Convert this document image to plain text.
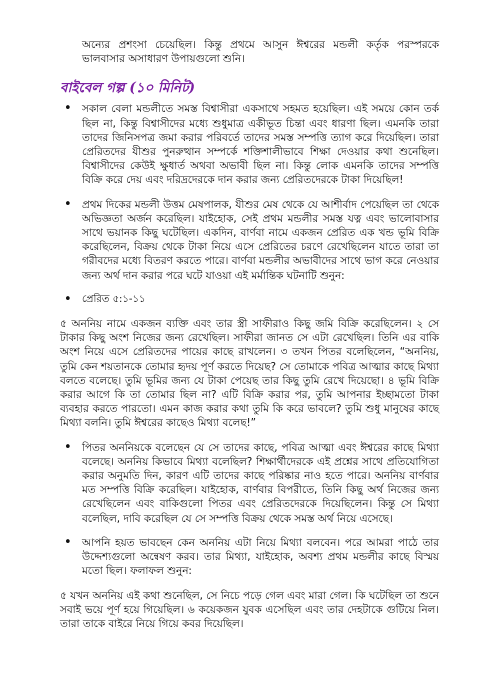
অন্যের প্রশংসা চেয়েছিল। কিন্তু প্রথমে আসুন ঈশ্বরের মন্ডলী কর্তৃক পরস্পরকে ভালবাসার অসাধারণ উপায়গুলো শুনি।

বাইবেল গল্প (১০ মিনিট)

• সকাল বেলা মন্ডলীতে সমস্ত বিশ্বাসীরা একসাথে সহমত হয়েছিল। এই সময়ে কোন তর্ক ছিল না, কিন্তু বিশ্বাসীদের মধ্যে শুধুমাত্র একীভূত চিন্তা এবং ধারণা ছিল। এমনকি তারা তাদের জিনিসপত্র জমা করার পরিবর্তে তাদের সমস্ত সম্পত্তি ত্যাগ করে দিয়েছিল। তারা প্রেরিতদের যীশুর পুনরুত্থান সম্পর্কে শক্তিশালীভাবে শিক্ষা দেওয়ার কথা শুনেছিল। বিশ্বাসীদের কেউই ক্ষুধার্ত অথবা অভাবী ছিল না। কিন্তু লোক এমনকি তাদের সম্পত্তি বিক্রি করে দেয় এবং দরিদ্রদেরকে দান করার জন্য প্রেরিতদেরকে টাকা দিয়েছিল!

• প্রথম দিকের মন্ডলী উত্তম মেষপালক, যীশুর মেষ থেকে যে আশীর্বাদ পেয়েছিল তা থেকে অভিজ্ঞতা অর্জন করেছিল। যাইহোক, সেই প্রথম মন্ডলীর সমস্ত যত্ন এবং ভালোবাসার সাথে ভয়ানক কিছু ঘটেছিল। একদিন, বার্ণবা নামে একজন প্রেরিত এক খন্ড ভূমি বিক্রি করেছিলেন, বিক্রয় থেকে টাকা নিয়ে এসে প্রেরিতের চরণে রেখেছিলেন যাতে তারা তা গরীবদের মধ্যে বিতরণ করতে পারে। বার্ণবা মন্ডলীর অভাবীদের সাথে ভাগ করে নেওয়ার জন্য অর্থ দান করার পরে ঘটে যাওয়া এই মর্মান্তিক ঘটনাটি শুনুন:

• প্রেরিত ৫:১-১১

৫ অননিয় নামে একজন ব্যক্তি এবং তার স্ত্রী সাফীরাও কিছু জমি বিক্রি করেছিলেন। ২ সে টাকার কিছু অংশ নিজের জন্য রেখেছিল। সাফীরা জানত সে এটা রেখেছিল। তিনি এর বাকি অংশ নিয়ে এসে প্রেরিতদের পায়ের কাছে রাখলেন। ৩ তখন পিতর বলেছিলেন, “অননিয়, তুমি কেন শয়তানকে তোমার হৃদয় পূর্ণ করতে দিয়েছ? সে তোমাকে পবিত্র আত্মার কাছে মিথ্যা বলতে বলেছে। তুমি ভূমির জন্য যে টাকা পেয়েছ তার কিছু তুমি রেখে দিয়েছো। ৪ ভূমি বিক্রি করার আগে কি তা তোমার ছিল না? এটি বিক্রি করার পর, তুমি আপনার ইচ্ছামতো টাকা ব্যবহার করতে পারতো। এমন কাজ করার কথা তুমি কি করে ভাবলে? তুমি শুধু মানুষের কাছে মিথ্যা বলনি। তুমি ঈশ্বরের কাছেও মিথ্যা বলেছ!”

• পিতর অননিয়কে বলেছেন যে সে তাদের কাছে, পবিত্র আত্মা এবং ঈশ্বরের কাছে মিথ্যা বলেছে। অননিয় কিভাবে মিথ্যা বলেছিল? শিক্ষার্থীদেরকে এই প্রশ্নের সাথে প্রতিযোগিতা করার অনুমতি দিন, কারণ এটি তাদের কাছে পরিষ্কার নাও হতে পারে। অননিয় বার্ণবার মত সম্পত্তি বিক্রি করেছিল। যাইহোক, বার্ণবার বিপরীতে, তিনি কিছু অর্থ নিজের জন্য রেখেছিলেন এবং বাকিগুলো পিতর এবং প্রেরিতদেরকে দিয়েছিলেন। কিন্তু সে মিথ্যা বলেছিল, দাবি করেছিল যে সে সম্পত্তি বিক্রয় থেকে সমস্ত অর্থ নিয়ে এসেছে।

• আপনি হয়ত ভাবছেন কেন অননিয় এটা নিয়ে মিথ্যা বলবেন। পরে আমরা পাঠে তার উদ্দেশ্যগুলো অন্বেষণ করব। তার মিথ্যা, যাইহোক, অবশ্য প্রথম মন্ডলীর কাছে বিস্ময় মতো ছিল। ফলাফল শুনুন:

৫ যখন অননিয় এই কথা শুনেছিল, সে নিচে পড়ে গেল এবং মারা গেল। কি ঘটেছিল তা শুনে সবাই ভয়ে পূর্ণ হয়ে গিয়েছিল। ৬ কয়েকজন যুবক এসেছিল এবং তার দেহটাকে গুটিয়ে নিল। তারা তাকে বাইরে নিয়ে গিয়ে কবর দিয়েছিল।
